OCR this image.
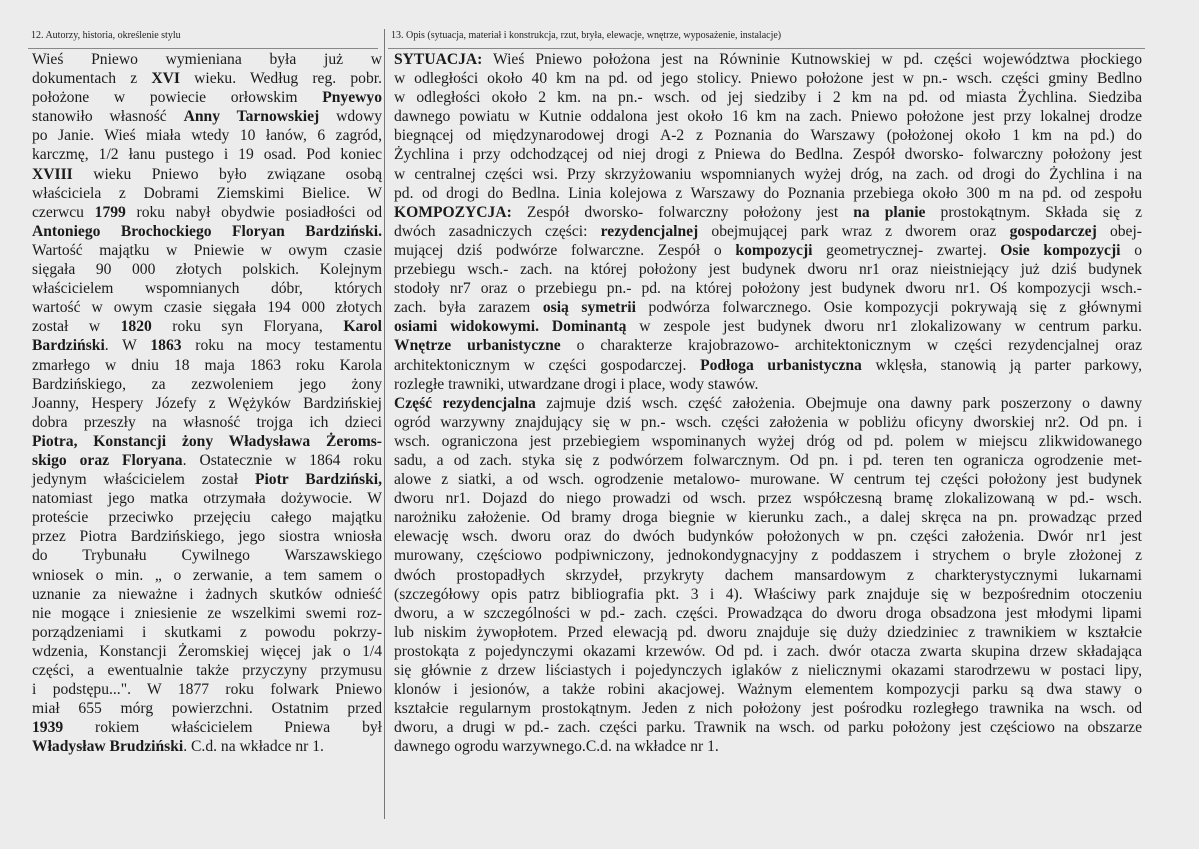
12. Autorzy, historia, określenie stylu	13. Opis (sytuacja, materiał i konstrukcja, rzut, bryła, elewacje, wnętrze, wyposażenie, instalacje)
Wieś Pniewo wymieniana była już w
dokumentach z XVI wieku. Według reg. pobr.
położone w powiecie orłowskim Pnyewyo
stanowiło własność Anny Tarnowskiej wdowy
po Janie. Wieś miała wtedy 10 łanów, 6 zagród,
karczmę, 1/2 łanu pustego i 19 osad. Pod koniec
XVIII wieku Pniewo było związane osobą
właściciela z Dobrami Ziemskimi Bielice. W
czerwcu 1799 roku nabył obydwie posiadłości od
Antoniego Brochockiego Floryan Bardziński.
Wartość majątku w Pniewie w owym czasie
sięgała 90 000 złotych polskich. Kolejnym
właścicielem wspomnianych dóbr, których
wartość w owym czasie sięgała 194 000 złotych
został w 1820 roku syn Floryana, Karol
Bardziński. W 1863 roku na mocy testamentu
zmarłego w dniu 18 maja 1863 roku Karola
Bardzińskiego, za zezwoleniem jego żony
Joanny, Hespery Józefy z Wężyków Bardzińskiej
dobra przeszły na własność trojga ich dzieci
Piotra, Konstancji żony Władysława Żeroms-
skigo oraz Floryana. Ostatecznie w 1864 roku
jedynym właścicielem został Piotr Bardziński,
natomiast jego matka otrzymała dożywocie. W
proteście przeciwko przejęciu całego majątku
przez Piotra Bardzińskiego, jego siostra wniosła
do Trybunału Cywilnego Warszawskiego
wniosek o min. „ o zerwanie, a tem samem o
uznanie za nieważne i żadnych skutków odnieść
nie mogące i zniesienie ze wszelkimi swemi roz-
porządzeniami i skutkami z powodu pokrzy-
wdzenia, Konstancji Żeromskiej więcej jak o 1/4
części, a ewentualnie także przyczyny przymusu
i podstępu...". W 1877 roku folwark Pniewo
miał 655 mórg powierzchni. Ostatnim przed
1939 rokiem właścicielem Pniewa był
Władysław Brudziński. C.d. na wkładce nr 1.
SYTUACJA: Wieś Pniewo położona jest na Równinie Kutnowskiej w pd. części województwa płockiego
w odległości około 40 km na pd. od jego stolicy. Pniewo położone jest w pn.- wsch. części gminy Bedlno
w odległości około 2 km. na pn.- wsch. od jej siedziby i 2 km na pd. od miasta Żychlina. Siedziba
dawnego powiatu w Kutnie oddalona jest około 16 km na zach. Pniewo położone jest przy lokalnej drodze
biegnącej od międzynarodowej drogi A-2 z Poznania do Warszawy (położonej około 1 km na pd.) do
Żychlina i przy odchodzącej od niej drogi z Pniewa do Bedlna. Zespół dworsko- folwarczny położony jest
w centralnej części wsi. Przy skrzyżowaniu wspomnianych wyżej dróg, na zach. od drogi do Żychlina i na
pd. od drogi do Bedlna. Linia kolejowa z Warszawy do Poznania przebiega około 300 m na pd. od zespołu
KOMPOZYCJA: Zespół dworsko- folwarczny położony jest na planie prostokątnym. Składa się z
dwóch zasadniczych części: rezydencjalnej obejmującej park wraz z dworem oraz gospodarczej obej-
mującej dziś podwórze folwarczne. Zespół o kompozycji geometrycznej- zwartej. Osie kompozycji o
przebiegu wsch.- zach. na której położony jest budynek dworu nr1 oraz nieistniejący już dziś budynek
stodoły nr7 oraz o przebiegu pn.- pd. na której położony jest budynek dworu nr1. Oś kompozycji wsch.-
zach. była zarazem osią symetrii podwórza folwarcznego. Osie kompozycji pokrywają się z głównymi
osiami widokowymi. Dominantą w zespole jest budynek dworu nr1 zlokalizowany w centrum parku.
Wnętrze urbanistyczne o charakterze krajobrazowo- architektonicznym w części rezydencjalnej oraz
architektonicznym w części gospodarczej. Podłoga urbanistyczna wklęsła, stanowią ją parter parkowy,
rozległe trawniki, utwardzane drogi i place, wody stawów.
Część rezydencjalna zajmuje dziś wsch. część założenia. Obejmuje ona dawny park poszerzony o dawny
ogród warzywny znajdujący się w pn.- wsch. części założenia w pobliżu oficyny dworskiej nr2. Od pn. i
wsch. ograniczona jest przebiegiem wspominanych wyżej dróg od pd. polem w miejscu zlikwidowanego
sadu, a od zach. styka się z podwórzem folwarcznym. Od pn. i pd. teren ten ogranicza ogrodzenie met-
alowe z siatki, a od wsch. ogrodzenie metalowo- murowane. W centrum tej części położony jest budynek
dworu nr1. Dojazd do niego prowadzi od wsch. przez współczesną bramę zlokalizowaną w pd.- wsch.
narożniku założenie. Od bramy droga biegnie w kierunku zach., a dalej skręca na pn. prowadząc przed
elewację wsch. dworu oraz do dwóch budynków położonych w pn. części założenia. Dwór nr1 jest
murowany, częściowo podpiwniczony, jednokondygnacyjny z poddaszem i strychem o bryle złożonej z
dwóch prostopadłych skrzydeł, przykryty dachem mansardowym z charkterystycznymi lukarnami
(szczegółowy opis patrz bibliografia pkt. 3 i 4). Właściwy park znajduje się w bezpośrednim otoczeniu
dworu, a w szczególności w pd.- zach. części. Prowadząca do dworu droga obsadzona jest młodymi lipami
lub niskim żywopłotem. Przed elewacją pd. dworu znajduje się duży dziedziniec z trawnikiem w kształcie
prostokąta z pojedynczymi okazami krzewów. Od pd. i zach. dwór otacza zwarta skupina drzew składająca
się głównie z drzew liściastych i pojedynczych iglaków z nielicznymi okazami starodrzewu w postaci lipy,
klonów i jesionów, a także robini akacjowej. Ważnym elementem kompozycji parku są dwa stawy o
kształcie regularnym prostokątnym. Jeden z nich położony jest pośrodku rozległego trawnika na wsch. od
dworu, a drugi w pd.- zach. części parku. Trawnik na wsch. od parku położony jest częściowo na obszarze
dawnego ogrodu warzywnego.C.d. na wkładce nr 1.
